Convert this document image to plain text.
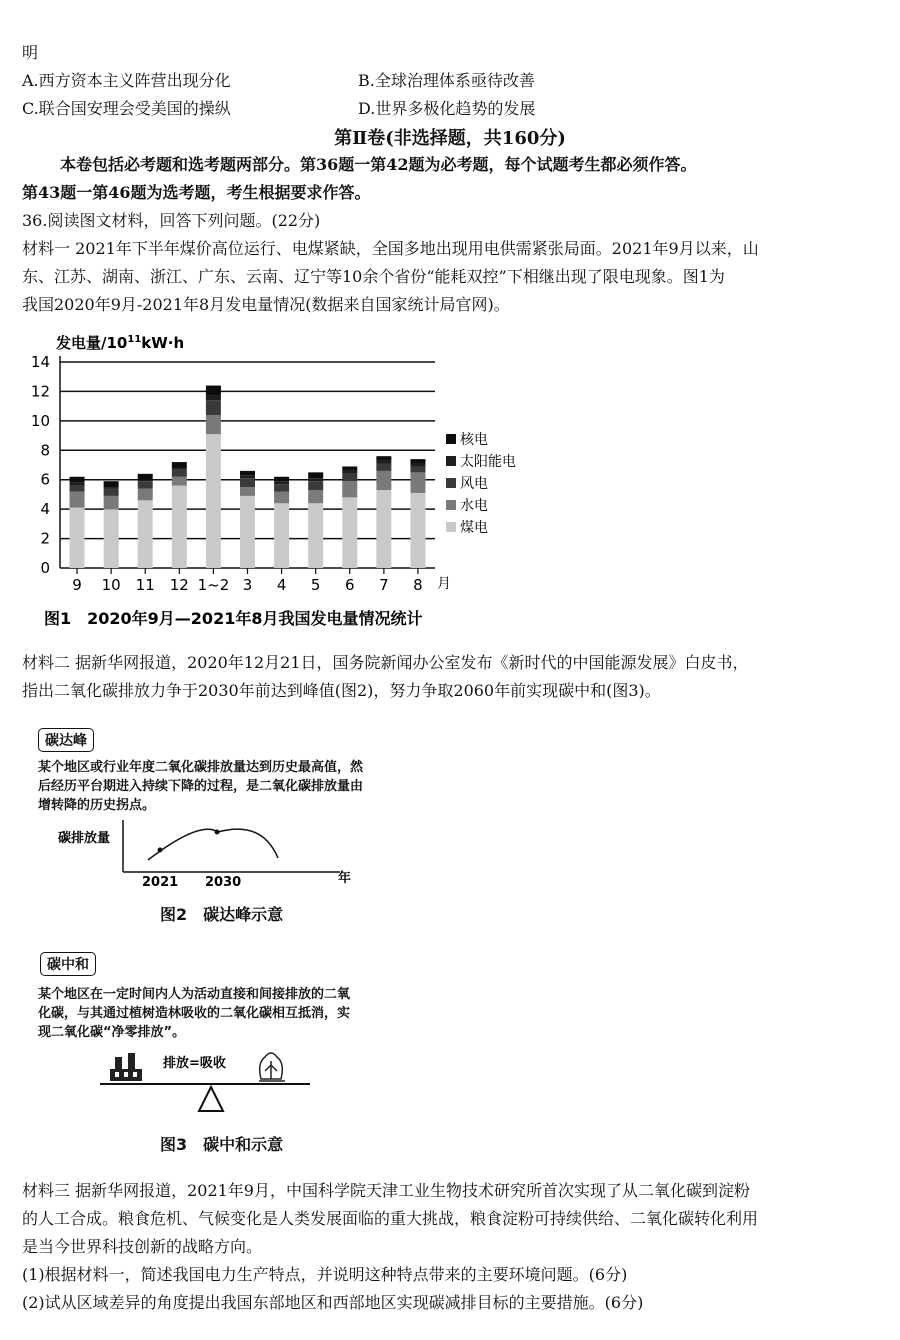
明
A.西方资本主义阵营出现分化	B.全球治理体系亟待改善
C.联合国安理会受美国的操纵	D.世界多极化趋势的发展
第Ⅱ卷(非选择题，共160分)
本卷包括必考题和选考题两部分。第36题一第42题为必考题，每个试题考生都必须作答。
第43题一第46题为选考题，考生根据要求作答。
36.阅读图文材料，回答下列问题。(22分)
材料一 2021年下半年煤价高位运行、电煤紧缺，全国多地出现用电供需紧张局面。2021年9月以来，山
东、江苏、湖南、浙江、广东、云南、辽宁等10余个省份“能耗双控”下相继出现了限电现象。图1为
我国2020年9月-2021年8月发电量情况(数据来自国家统计局官网)。
发电量$/10^{11}kW\cdot h$
0
2
4
6
8
10
12
14
9 10 11 12 1~2 3 4 5 6 7 8 月
核电
太阳能电
风电
水电
煤电
图1　2020年9月—2021年8月我国发电量情况统计
材料二 据新华网报道，2020年12月21日，国务院新闻办公室发布《新时代的中国能源发展》白皮书，
指出二氧化碳排放力争于2030年前达到峰值(图2)，努力争取2060年前实现碳中和(图3)。
碳达峰
某个地区或行业年度二氧化碳排放量达到历史最高值，然
后经历平台期进入持续下降的过程，是二氧化碳排放量由
增转降的历史拐点。
碳排放量
2021 2030	年
图2　碳达峰示意
碳中和
某个地区在一定时间内人为活动直接和间接排放的二氧
化碳，与其通过植树造林吸收的二氧化碳相互抵消，实
现二氧化碳“净零排放”。
排放=吸收
图3　碳中和示意
材料三 据新华网报道，2021年9月，中国科学院天津工业生物技术研究所首次实现了从二氧化碳到淀粉
的人工合成。粮食危机、气候变化是人类发展面临的重大挑战，粮食淀粉可持续供给、二氧化碳转化利用
是当今世界科技创新的战略方向。
(1)根据材料一，简述我国电力生产特点，并说明这种特点带来的主要环境问题。(6分)
(2)试从区域差异的角度提出我国东部地区和西部地区实现碳减排目标的主要措施。(6分)
